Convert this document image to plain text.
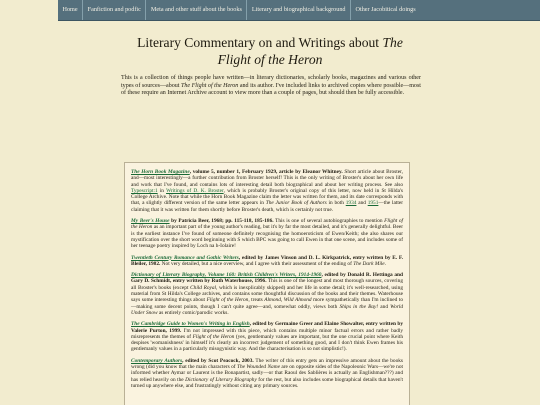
Home	Fanfiction and podfic	Meta and other stuff about the books	Literary and biographical background	Other Jacobitical doings
Literary Commentary on and Writings about The
Flight of the Heron

This is a collection of things people have written—in literary dictionaries, scholarly books, magazines and various other types of sources—about The Flight of the Heron and its author. I've included links to archived copies where possible—most of these require an Internet Archive account to view more than a couple of pages, but should then be fully accessible.

The Horn Book Magazine, volume 5, number 1, February 1929, article by Eleanor Whitney. Short article about Broster, and—most interestingly—a further contribution from Broster herself! This is the only writing of Broster's about her own life and work that I've found, and contains lots of interesting detail both biographical and about her writing process. See also Typescript:1 in Writings of D. K. Broster, which is probably Broster's original copy of this letter, now held in St Hilda's College Archive. Note that while the Horn Book Magazine claim the letter was written for them, and its date corresponds with that, a slightly different version of the same letter appears in The Junior Book of Authors in both 1934 and 1951—the latter claiming that it was written for them shortly before Broster's death, which is certainly not true.

My Beer's House by Patricia Beer, 1968; pp. 115-118, 185-186. This is one of several autobiographies to mention Flight of the Heron as an important part of the young author's reading, but it's by far the most detailed, and it's generally delightful. Beer is the earliest instance I've found of someone definitely recognising the homoeroticism of Ewen/Keith; she also shares our mystification over the short word beginning with S which BPC was going to call Ewen in that one scene, and includes some of her teenage poetry inspired by Loch na h-Iolaire!

Twentieth Century Romance and Gothic Writers, edited by James Vinson and D. L. Kirkpatrick, entry written by E. F. Bleiler, 1982. Not very detailed, but a nice overview, and I agree with their assessment of the ending of The Dark Mile.

Dictionary of Literary Biography, Volume 160: British Children's Writers, 1914-1960, edited by Donald R. Hettinga and Gary D. Schmidt, entry written by Ruth Waterhouse, 1996. This is one of the longest and most thorough sources, covering all Broster's books (except Child Royal, which is inexplicably skipped) and her life in some detail; it's well-researched, using material from St Hilda's College archives, and contains some thoughtful discussion of the books and their themes. Waterhouse says some interesting things about Flight of the Heron, treats Almond, Wild Almond more sympathetically than I'm inclined to—making some decent points, though I can't quite agree—and, somewhat oddly, views both Ships in the Bay! and World Under Snow as entirely comic/parodic works.

The Cambridge Guide to Women's Writing in English, edited by Germaine Greer and Elaine Showalter, entry written by Valerie Purton, 1999. I'm not impressed with this piece, which contains multiple minor factual errors and rather badly misrepresents the themes of Flight of the Heron (yes, gentlemanly values are important, but the one crucial point where Keith despises 'womanishness' in himself it's clearly an incorrect judgement of something good, and I don't think Ewen frames his gentlemanly values in a particularly misogynistic way. And the characterisation is so not simplistic!).

Contemporary Authors, edited by Scot Peacock, 2003. The writer of this entry gets an impressive amount about the books wrong (did you know that the main characters of The Wounded Name are on opposite sides of the Napoleonic Wars—we're not informed whether Aymar or Laurent is the Bonapartist, sadly—or that Raoul des Sablières is actually an Englishman???) and has relied heavily on the Dictionary of Literary Biography for the rest, but also includes some biographical details that haven't turned up anywhere else, and frustratingly without citing any primary sources.
